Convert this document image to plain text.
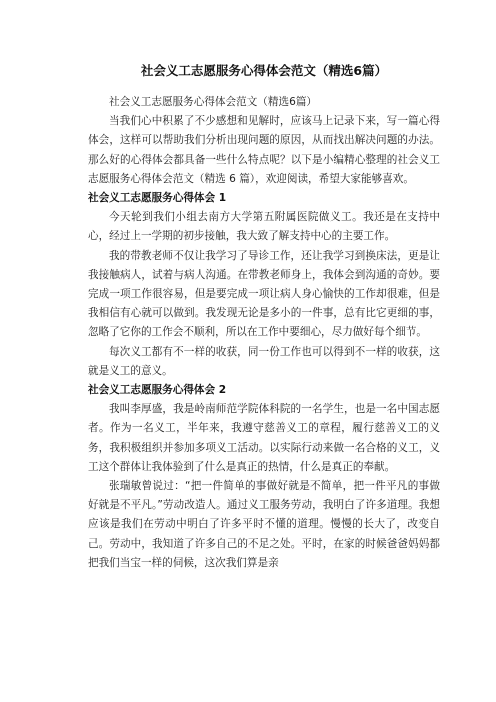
社会义工志愿服务心得体会范文（精选6篇）

社会义工志愿服务心得体会范文（精选6篇）

当我们心中积累了不少感想和见解时，应该马上记录下来，写一篇心得体会，这样可以帮助我们分析出现问题的原因，从而找出解决问题的办法。那么好的心得体会都具备一些什么特点呢？以下是小编精心整理的社会义工志愿服务心得体会范文（精选 6 篇），欢迎阅读，希望大家能够喜欢。

社会义工志愿服务心得体会 1

今天轮到我们小组去南方大学第五附属医院做义工。我还是在支持中心，经过上一学期的初步接触，我大致了解支持中心的主要工作。

我的带教老师不仅让我学习了导诊工作，还让我学习到换床法，更是让我接触病人，试着与病人沟通。在带教老师身上，我体会到沟通的奇妙。要完成一项工作很容易，但是要完成一项让病人身心愉快的工作却很难，但是我相信有心就可以做到。我发现无论是多小的一件事，总有比它更细的事，忽略了它你的工作会不顺利，所以在工作中要细心，尽力做好每个细节。

每次义工都有不一样的收获，同一份工作也可以得到不一样的收获，这就是义工的意义。

社会义工志愿服务心得体会 2

我叫李厚盛，我是岭南师范学院体科院的一名学生，也是一名中国志愿者。作为一名义工，半年来，我遵守慈善义工的章程，履行慈善义工的义务，我积极组织并参加多项义工活动。以实际行动来做一名合格的义工，义工这个群体让我体验到了什么是真正的热情，什么是真正的奉献。

张瑞敏曾说过：“把一件简单的事做好就是不简单，把一件平凡的事做好就是不平凡。”劳动改造人。通过义工服务劳动，我明白了许多道理。我想应该是我们在劳动中明白了许多平时不懂的道理。慢慢的长大了，改变自己。劳动中，我知道了许多自己的不足之处。平时，在家的时候爸爸妈妈都把我们当宝一样的伺候，这次我们算是亲
